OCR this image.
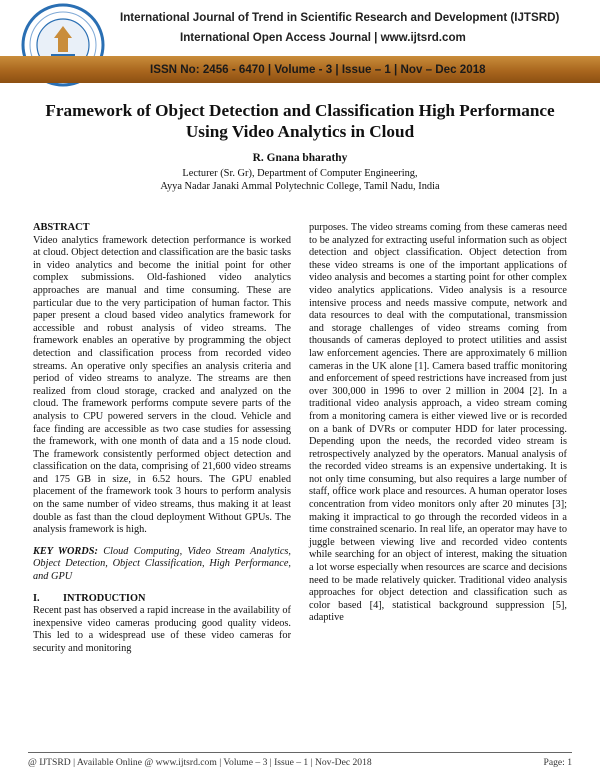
International Journal of Trend in Scientific Research and Development (IJTSRD)
International Open Access Journal | www.ijtsrd.com
ISSN No: 2456 - 6470 | Volume - 3 | Issue – 1 | Nov – Dec 2018
Framework of Object Detection and Classification High Performance
Using Video Analytics in Cloud
R. Gnana bharathy
Lecturer (Sr. Gr), Department of Computer Engineering,
Ayya Nadar Janaki Ammal Polytechnic College, Tamil Nadu, India

ABSTRACT

Video analytics framework detection performance is worked at cloud. Object detection and classification are the basic tasks in video analytics and become the initial point for other complex submissions. Old-fashioned video analytics approaches are manual and time consuming. These are particular due to the very participation of human factor. This paper present a cloud based video analytics framework for accessible and robust analysis of video streams. The framework enables an operative by programming the object detection and classification process from recorded video streams. An operative only specifies an analysis criteria and period of video streams to analyze. The streams are then realized from cloud storage, cracked and analyzed on the cloud. The framework performs compute severe parts of the analysis to CPU powered servers in the cloud. Vehicle and face finding are accessible as two case studies for assessing the framework, with one month of data and a 15 node cloud. The framework consistently performed object detection and classification on the data, comprising of 21,600 video streams and 175 GB in size, in 6.52 hours. The GPU enabled placement of the framework took 3 hours to perform analysis on the same number of video streams, thus making it at least double as fast than the cloud deployment Without GPUs. The analysis framework is high.

KEY WORDS: Cloud Computing, Video Stream Analytics, Object Detection, Object Classification, High Performance, and GPU

I. INTRODUCTION

Recent past has observed a rapid increase in the availability of inexpensive video cameras producing good quality videos. This led to a widespread use of these video cameras for security and monitoring

purposes. The video streams coming from these cameras need to be analyzed for extracting useful information such as object detection and object classification. Object detection from these video streams is one of the important applications of video analysis and becomes a starting point for other complex video analytics applications. Video analysis is a resource intensive process and needs massive compute, network and data resources to deal with the computational, transmission and storage challenges of video streams coming from thousands of cameras deployed to protect utilities and assist law enforcement agencies. There are approximately 6 million cameras in the UK alone [1]. Camera based traffic monitoring and enforcement of speed restrictions have increased from just over 300,000 in 1996 to over 2 million in 2004 [2]. In a traditional video analysis approach, a video stream coming from a monitoring camera is either viewed live or is recorded on a bank of DVRs or computer HDD for later processing. Depending upon the needs, the recorded video stream is retrospectively analyzed by the operators. Manual analysis of the recorded video streams is an expensive undertaking. It is not only time consuming, but also requires a large number of staff, office work place and resources. A human operator loses concentration from video monitors only after 20 minutes [3]; making it impractical to go through the recorded videos in a time constrained scenario. In real life, an operator may have to juggle between viewing live and recorded video contents while searching for an object of interest, making the situation a lot worse especially when resources are scarce and decisions need to be made relatively quicker. Traditional video analysis approaches for object detection and classification such as color based [4], statistical background suppression [5], adaptive

@ IJTSRD | Available Online @ www.ijtsrd.com | Volume – 3 | Issue – 1 | Nov-Dec 2018	Page: 1
